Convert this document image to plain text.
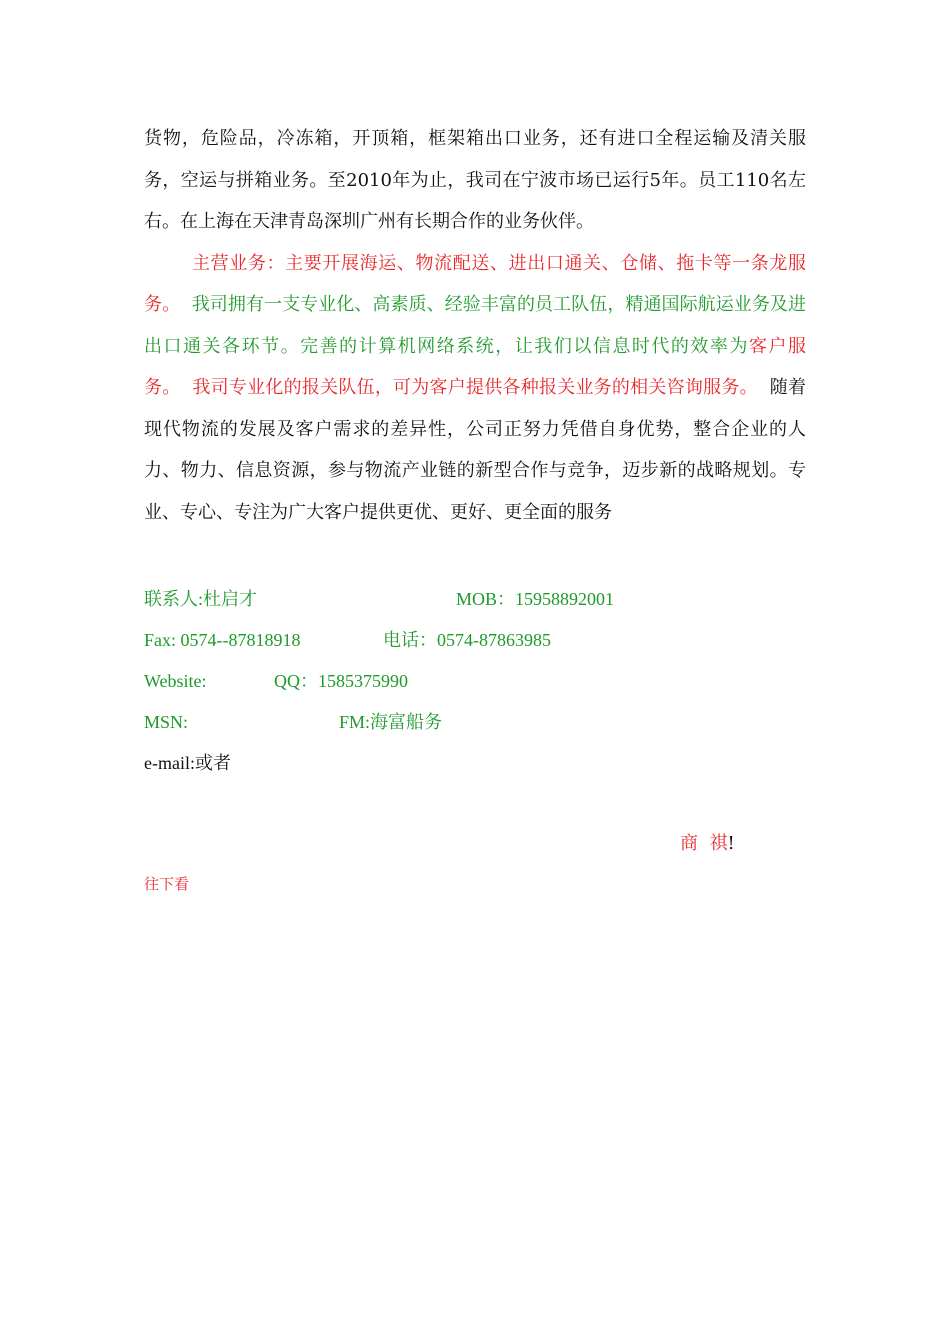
货物，危险品，冷冻箱，开顶箱，框架箱出口业务，还有进口全程运输及清关服务，空运与拼箱业务。至2010年为止，我司在宁波市场已运行5年。员工110名左右。在上海在天津青岛深圳广州有长期合作的业务伙伴。

主营业务：主要开展海运、物流配送、进出口通关、仓储、拖卡等一条龙服务。 我司拥有一支专业化、高素质、经验丰富的员工队伍，精通国际航运业务及进出口通关各环节。完善的计算机网络系统，让我们以信息时代的效率为客户服务。 我司专业化的报关队伍，可为客户提供各种报关业务的相关咨询服务。 随着现代物流的发展及客户需求的差异性，公司正努力凭借自身优势，整合企业的人力、物力、信息资源，参与物流产业链的新型合作与竞争，迈步新的战略规划。专业、专心、专注为广大客户提供更优、更好、更全面的服务

联系人:杜启才	MOB：15958892001
Fax: 0574--87818918	电话：0574-87863985
Website:	QQ：1585375990
MSN:	FM:海富船务
e-mail:或者
商  祺!
往下看
